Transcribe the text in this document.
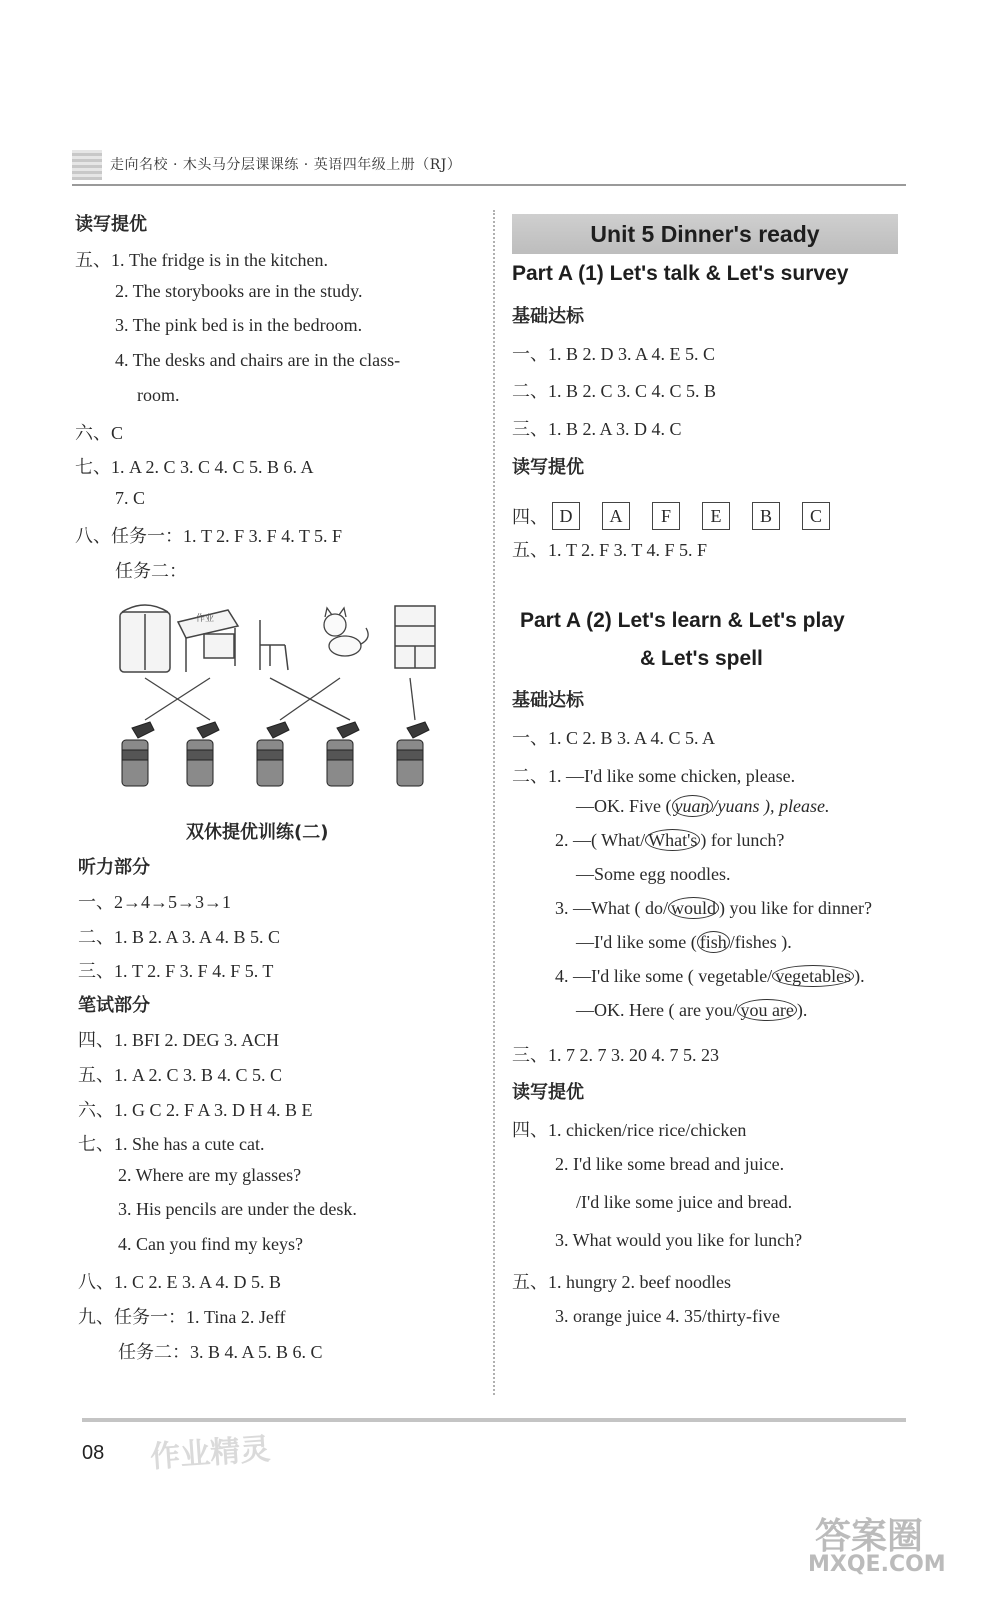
走向名校 · 木头马分层课课练 · 英语四年级上册（RJ）
读写提优
五、1. The fridge is in the kitchen.
2. The storybooks are in the study.
3. The pink bed is in the bedroom.
4. The desks and chairs are in the class-
room.
六、C
七、1. A 2. C 3. C 4. C 5. B 6. A
7. C
八、任务一：1. T 2. F 3. F 4. T 5. F
任务二：
作业
双休提优训练(二)
听力部分
一、2→4→5→3→1
二、1. B 2. A 3. A 4. B 5. C
三、1. T 2. F 3. F 4. F 5. T
笔试部分
四、1. BFI 2. DEG 3. ACH
五、1. A 2. C 3. B 4. C 5. C
六、1. G C 2. F A 3. D H 4. B E
七、1. She has a cute cat.
2. Where are my glasses?
3. His pencils are under the desk.
4. Can you find my keys?
八、1. C 2. E 3. A 4. D 5. B
九、任务一：1. Tina 2. Jeff
任务二：3. B 4. A 5. B 6. C
Unit 5 Dinner's ready
Part A (1) Let's talk & Let's survey
基础达标
一、1. B 2. D 3. A 4. E 5. C
二、1. B 2. C 3. C 4. C 5. B
三、1. B 2. A 3. D 4. C
读写提优
四、 D	A	F	E	B	C
五、1. T 2. F 3. T 4. F 5. F
Part A (2) Let's learn & Let's play
& Let's spell
基础达标
一、1. C 2. B 3. A 4. C 5. A
二、1. —I'd like some chicken, please.
—OK. Five ( yuan /yuans ), please.
2. —( What/ What's ) for lunch?
—Some egg noodles.
3. —What ( do/ would ) you like for dinner?
—I'd like some ( fish /fishes ).
4. —I'd like some ( vegetable/ vegetables ).
—OK. Here ( are you/ you are ).
三、1. 7 2. 7 3. 20 4. 7 5. 23
读写提优
四、1. chicken/rice rice/chicken
2. I'd like some bread and juice.
/I'd like some juice and bread.
3. What would you like for lunch?
五、1. hungry 2. beef noodles
3. orange juice 4. 35/thirty-five
08 作业精灵
答案圈
MXQE.COM
